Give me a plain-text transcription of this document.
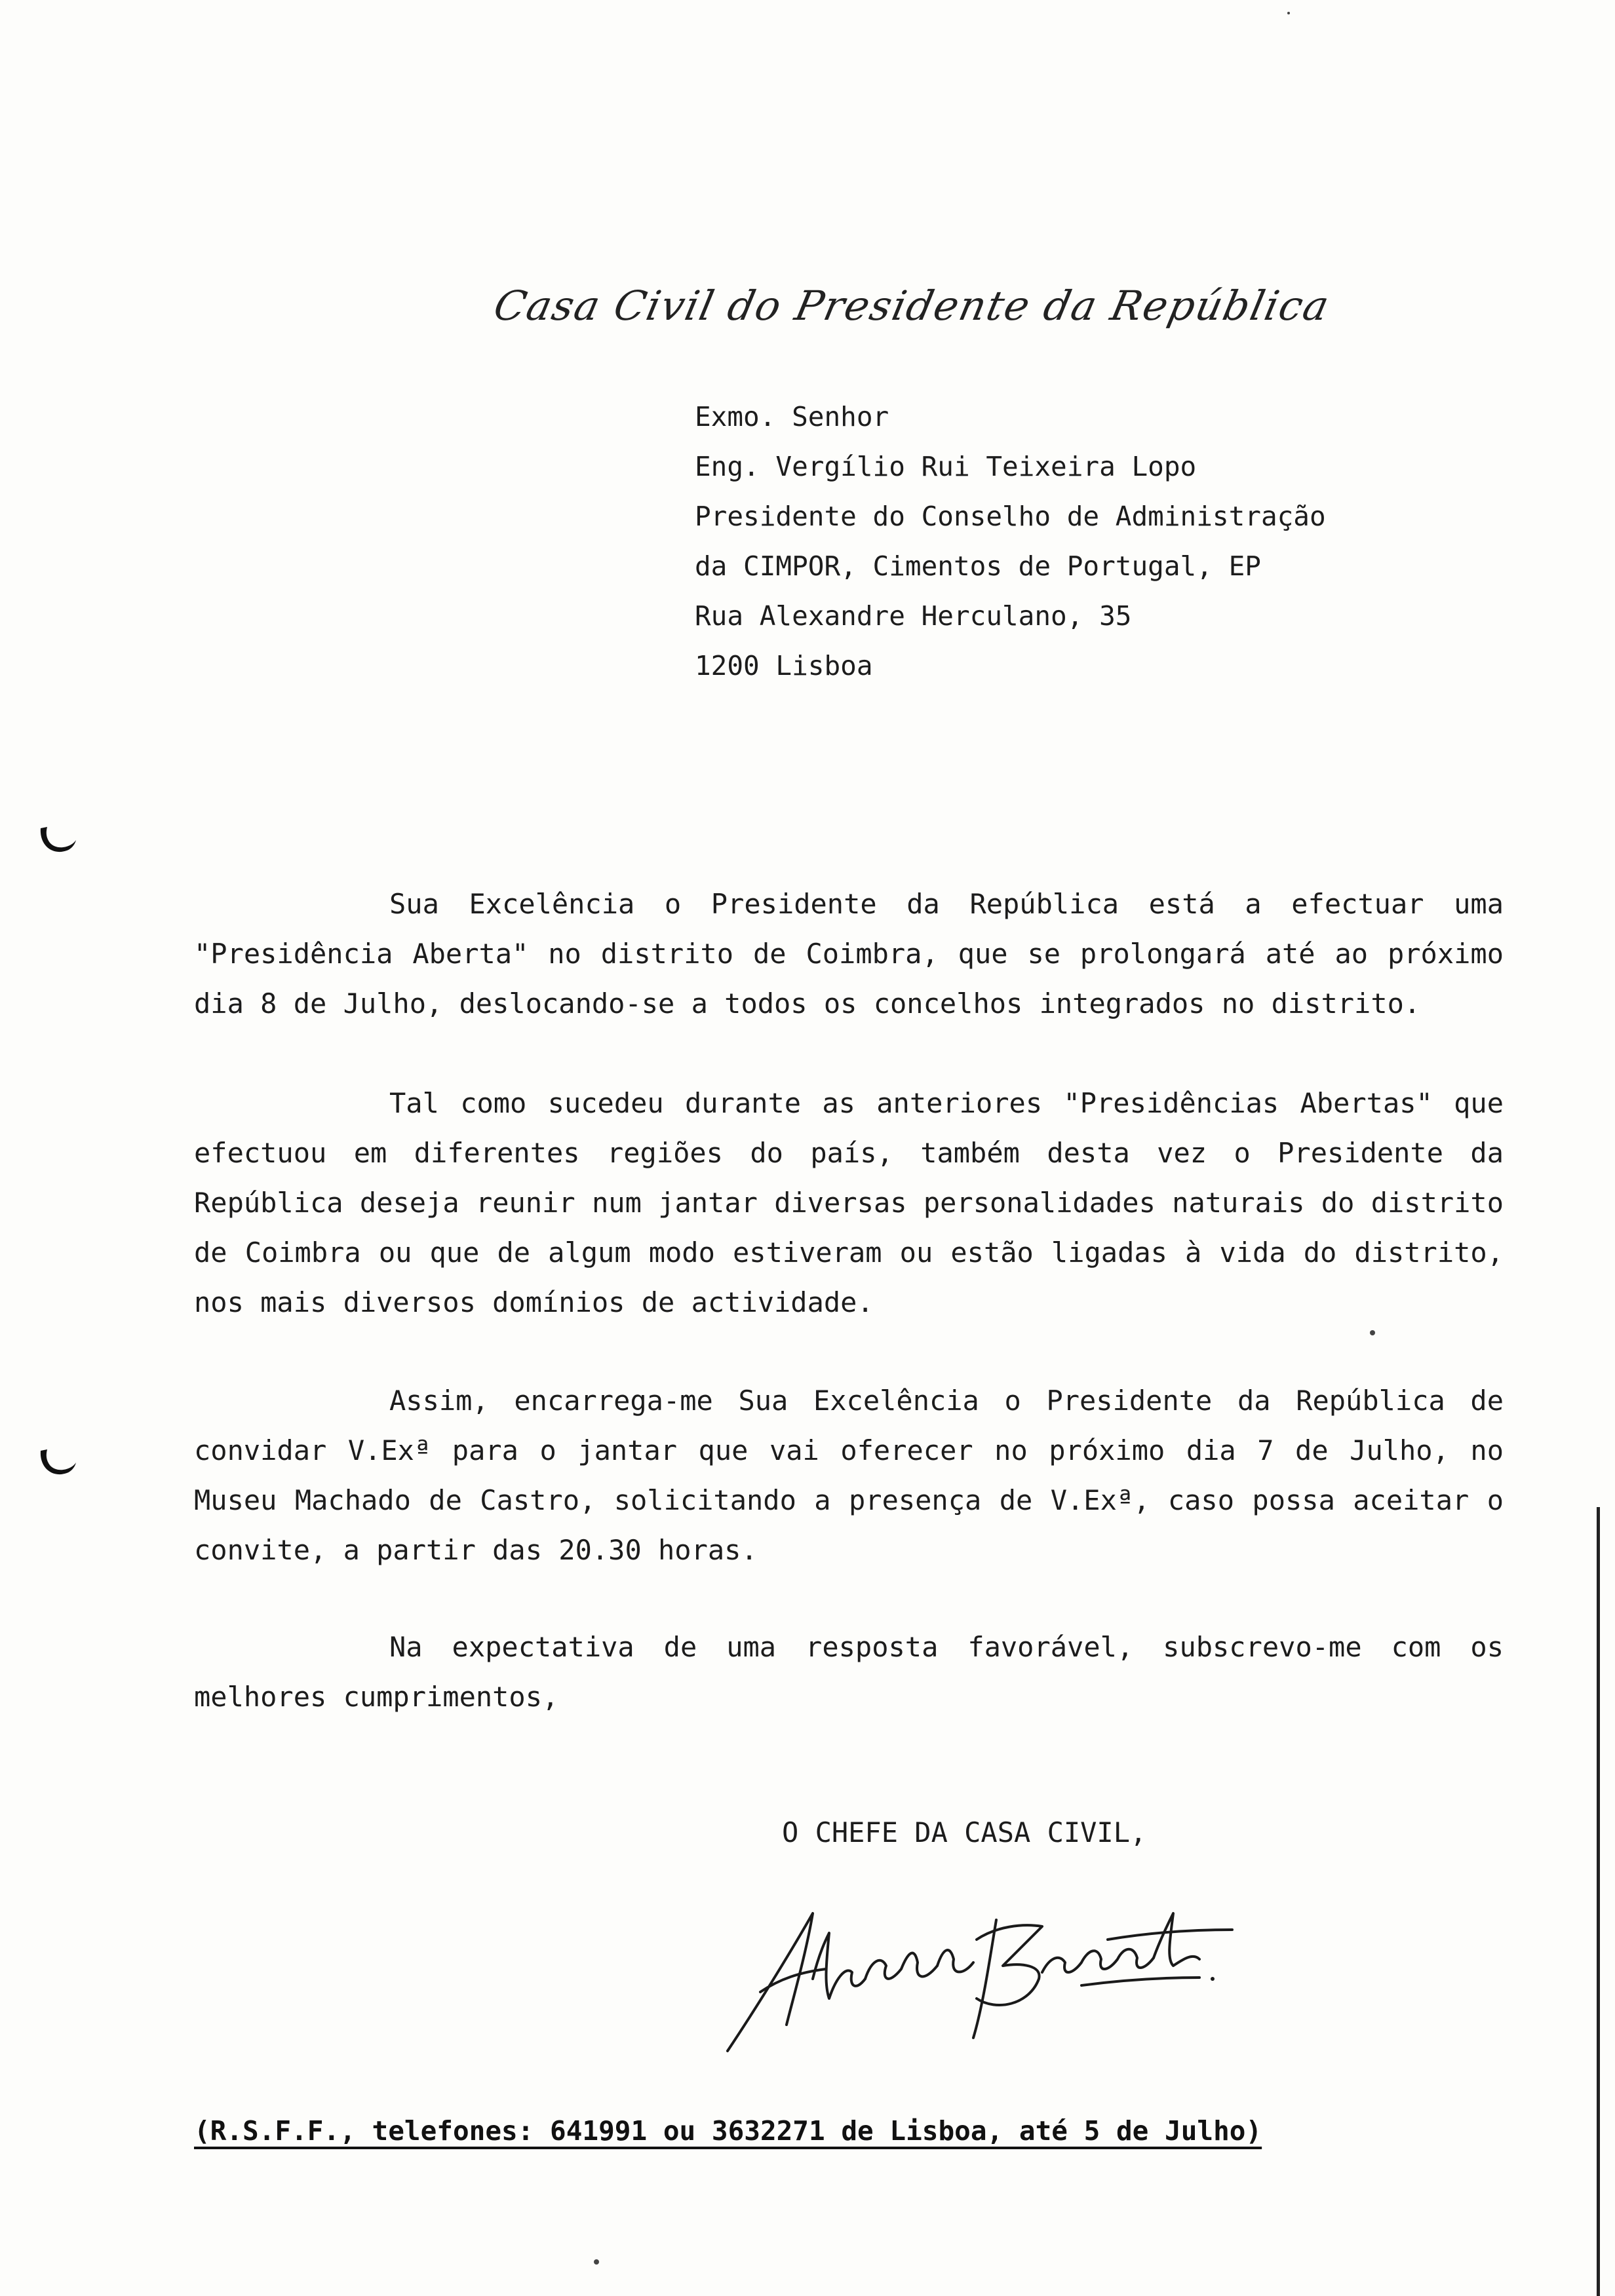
Casa Civil do Presidente da República
Exmo. Senhor
Eng. Vergílio Rui Teixeira Lopo
Presidente do Conselho de Administração
da CIMPOR, Cimentos de Portugal, EP
Rua Alexandre Herculano, 35
1200 Lisboa

Sua Excelência o Presidente da República está a efectuar uma "Presidência Aberta" no distrito de Coimbra, que se prolongará até ao próximo dia 8 de Julho, deslocando-se a todos os concelhos integrados no distrito.

Tal como sucedeu durante as anteriores "Presidências Abertas" que efectuou em diferentes regiões do país, também desta vez o Presidente da República deseja reunir num jantar diversas personalidades naturais do distrito de Coimbra ou que de algum modo estiveram ou estão ligadas à vida do distrito, nos mais diversos domínios de actividade.

Assim, encarrega-me Sua Excelência o Presidente da República de convidar V.Exª para o jantar que vai oferecer no próximo dia 7 de Julho, no Museu Machado de Castro, solicitando a presença de V.Exª, caso possa aceitar o convite, a partir das 20.30 horas.

Na expectativa de uma resposta favorável, subscrevo-me com os melhores cumprimentos,

O CHEFE DA CASA CIVIL,
(R.S.F.F., telefones: 641991 ou 3632271 de Lisboa, até 5 de Julho)
